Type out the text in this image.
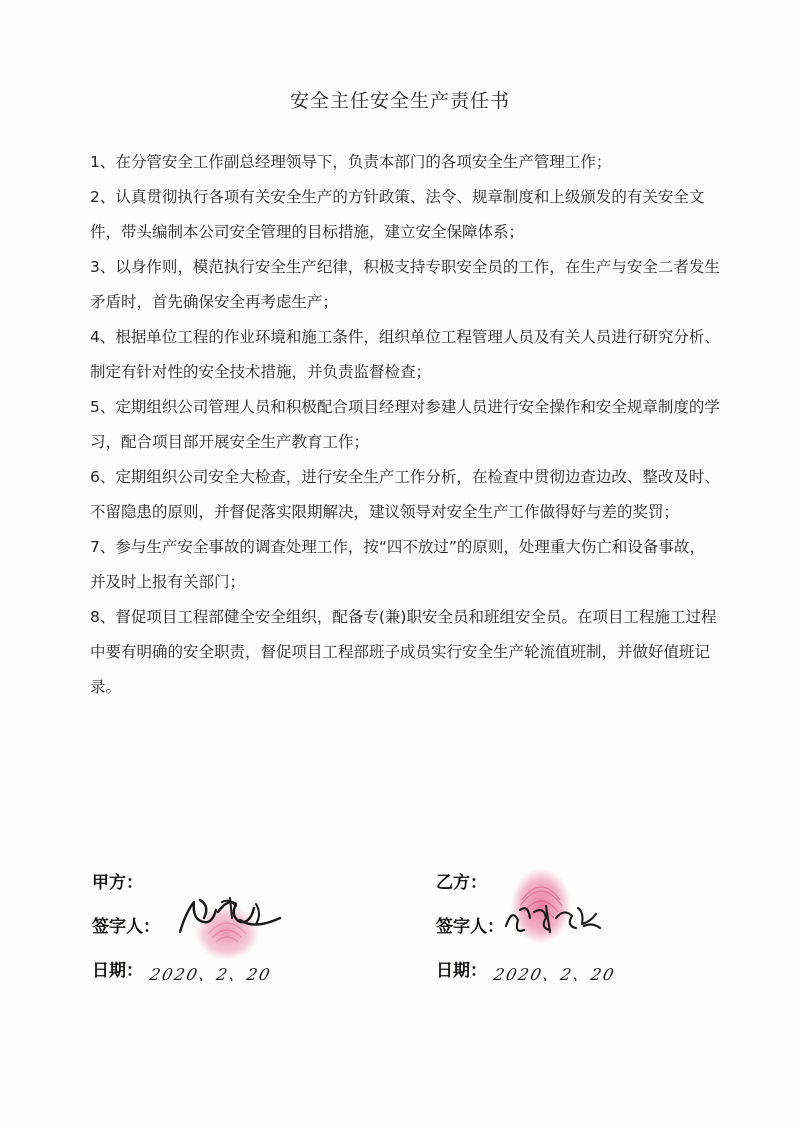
安全主任安全生产责任书

1、在分管安全工作副总经理领导下，负责本部门的各项安全生产管理工作；

2、认真贯彻执行各项有关安全生产的方针政策、法令、规章制度和上级颁发的有关安全文件，带头编制本公司安全管理的目标措施，建立安全保障体系；

3、以身作则，模范执行安全生产纪律，积极支持专职安全员的工作，在生产与安全二者发生矛盾时，首先确保安全再考虑生产；

4、根据单位工程的作业环境和施工条件，组织单位工程管理人员及有关人员进行研究分析、制定有针对性的安全技术措施，并负责监督检查；

5、定期组织公司管理人员和积极配合项目经理对参建人员进行安全操作和安全规章制度的学习，配合项目部开展安全生产教育工作；

6、定期组织公司安全大检查，进行安全生产工作分析，在检查中贯彻边查边改、整改及时、不留隐患的原则，并督促落实限期解决，建议领导对安全生产工作做得好与差的奖罚；

7、参与生产安全事故的调查处理工作，按“四不放过”的原则，处理重大伤亡和设备事故，并及时上报有关部门；

8、督促项目工程部健全安全组织，配备专(兼)职安全员和班组安全员。在项目工程施工过程中要有明确的安全职责，督促项目工程部班子成员实行安全生产轮流值班制，并做好值班记录。

甲方：
签字人：
日期： 2020、2、20
乙方：
签字人：
日期： 2020、2、20
